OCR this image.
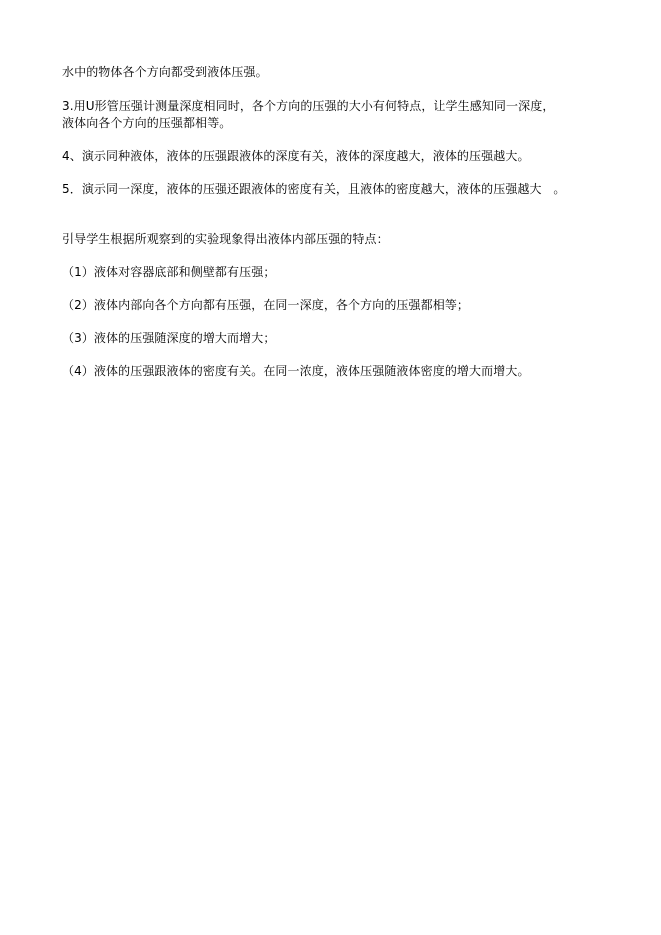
水中的物体各个方向都受到液体压强。
3.用U形管压强计测量深度相同时，各个方向的压强的大小有何特点，让学生感知同一深度，
液体向各个方向的压强都相等。
4、演示同种液体，液体的压强跟液体的深度有关，液体的深度越大，液体的压强越大。
5．演示同一深度，液体的压强还跟液体的密度有关，且液体的密度越大，液体的压强越大   。
引导学生根据所观察到的实验现象得出液体内部压强的特点：
（1）液体对容器底部和侧壁都有压强；
（2）液体内部向各个方向都有压强，在同一深度，各个方向的压强都相等；
（3）液体的压强随深度的增大而增大；
（4）液体的压强跟液体的密度有关。在同一浓度，液体压强随液体密度的增大而增大。
